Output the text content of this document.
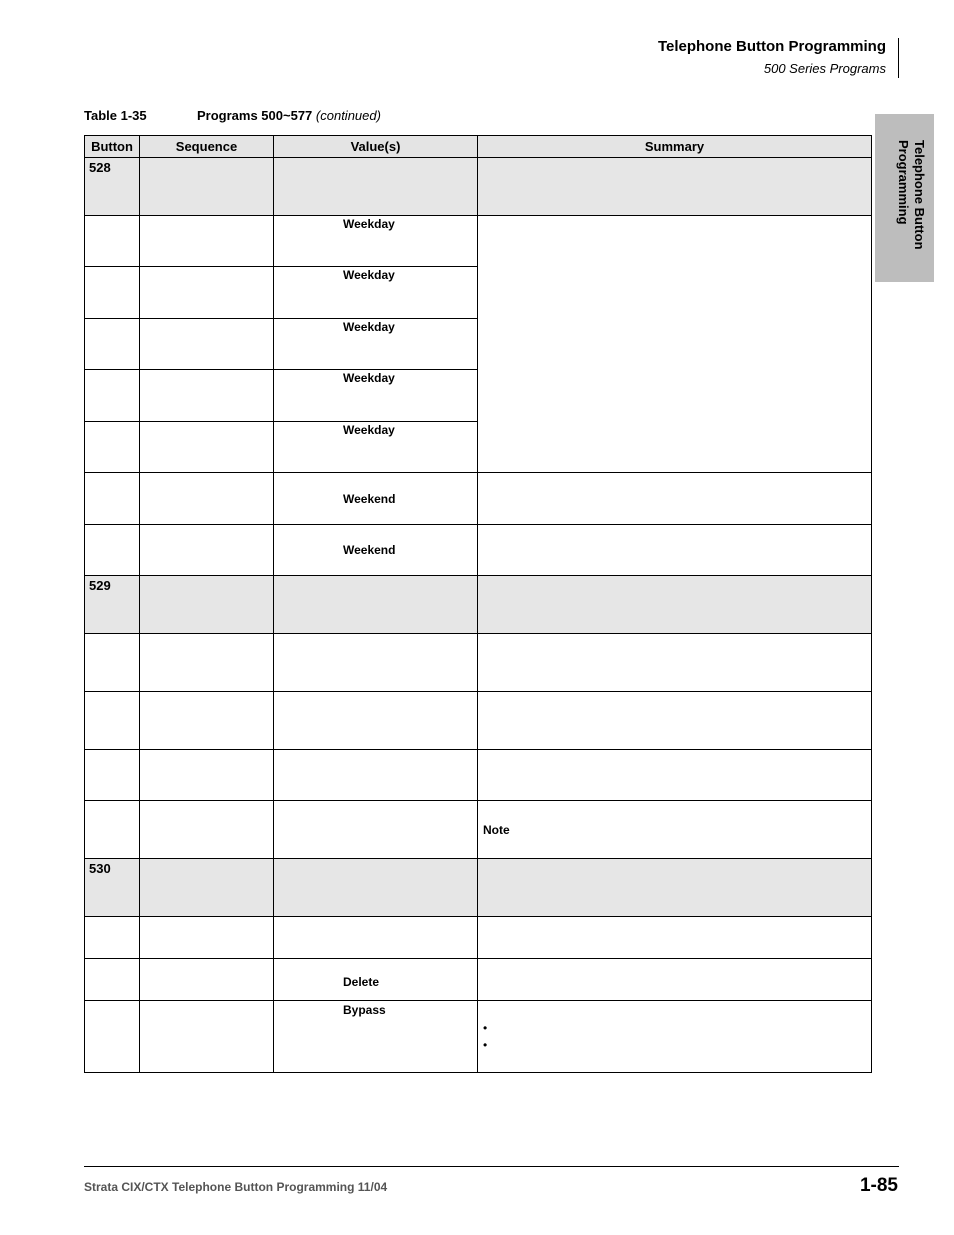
Telephone Button Programming
500 Series Programs
Telephone Button
Programming
Table 1-35	Programs 500~577 (continued)
Button	Sequence	Value(s)	Summary

528			

		Weekday	

		Weekday	

		Weekday	

		Weekday	

		Weekday	

		Weekend	

		Weekend	

529			

			Note

530			

		Delete	

		Bypass	•
•
Strata CIX/CTX Telephone Button Programming 11/04	1-85
